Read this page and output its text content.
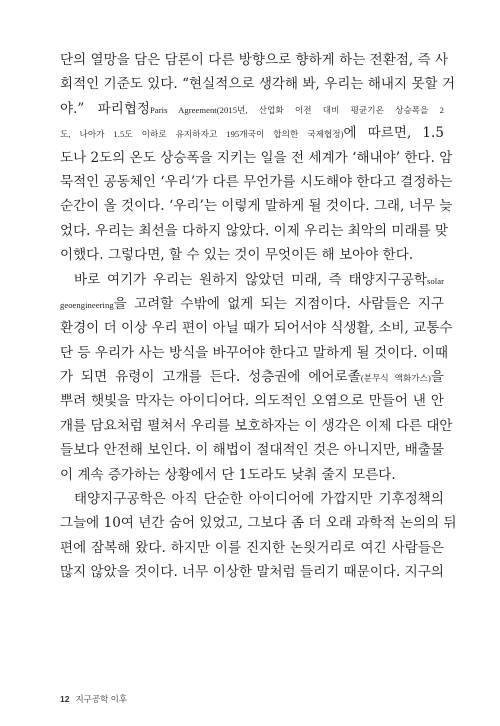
단의 열망을 담은 담론이 다른 방향으로 향하게 하는 전환점, 즉 사
회적인 기준도 있다. “현실적으로 생각해 봐, 우리는 해내지 못할 거
야.” 파리협정Paris Agreement(2015년, 산업화 이전 대비 평균기온 상승폭을 2
도, 나아가 1.5도 이하로 유지하자고 195개국이 합의한 국제협정)에 따르면, 1.5
도나 2도의 온도 상승폭을 지키는 일을 전 세계가 ‘해내야’ 한다. 암
묵적인 공동체인 ‘우리’가 다른 무언가를 시도해야 한다고 결정하는
순간이 올 것이다. ‘우리’는 이렇게 말하게 될 것이다. 그래, 너무 늦
었다. 우리는 최선을 다하지 않았다. 이제 우리는 최악의 미래를 맞
이했다. 그렇다면, 할 수 있는 것이 무엇이든 해 보아야 한다.
바로 여기가 우리는 원하지 않았던 미래, 즉 태양지구공학solar
geoengineering을 고려할 수밖에 없게 되는 지점이다. 사람들은 지구
환경이 더 이상 우리 편이 아닐 때가 되어서야 식생활, 소비, 교통수
단 등 우리가 사는 방식을 바꾸어야 한다고 말하게 될 것이다. 이때
가 되면 유령이 고개를 든다. 성층권에 에어로졸(분무식 액화가스)을
뿌려 햇빛을 막자는 아이디어다. 의도적인 오염으로 만들어 낸 안
개를 담요처럼 펼쳐서 우리를 보호하자는 이 생각은 이제 다른 대안
들보다 안전해 보인다. 이 해법이 절대적인 것은 아니지만, 배출물
이 계속 증가하는 상황에서 단 1도라도 낮춰 줄지 모른다.
태양지구공학은 아직 단순한 아이디어에 가깝지만 기후정책의
그늘에 10여 년간 숨어 있었고, 그보다 좀 더 오래 과학적 논의의 뒤
편에 잠복해 왔다. 하지만 이를 진지한 논읫거리로 여긴 사람들은
많지 않았을 것이다. 너무 이상한 말처럼 들리기 때문이다. 지구의
12 지구공학 이후
